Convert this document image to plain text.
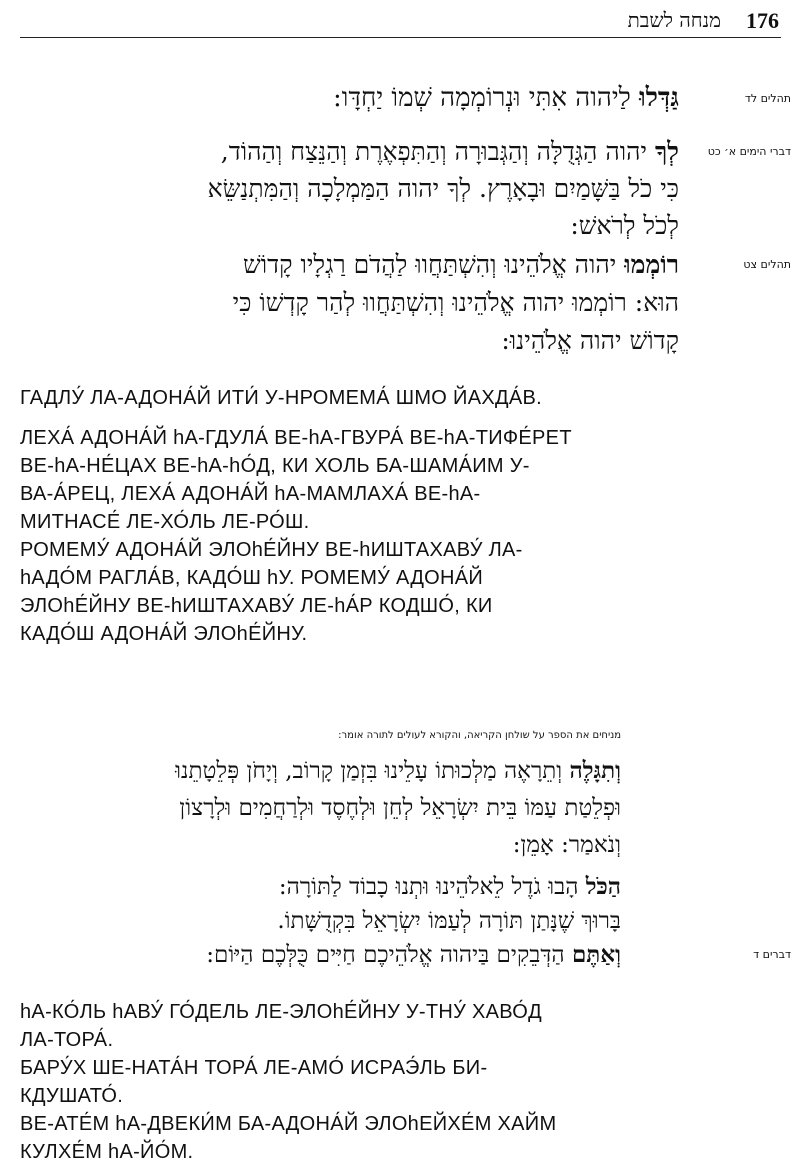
176
מנחה לשבת
תהלים לד
גַּדְּלוּ לַיהוה אִתִּי וּנְרוֹמְמָה שְׁמוֹ יַחְדָּו:
דברי הימים א׳ כט
לְךָ יהוה הַגְּדֻלָּה וְהַגְּבוּרָה וְהַתִּפְאֶרֶת וְהַנֵּצַח וְהַהוֹד,
כִּי כֹל בַּשָּׁמַיִם וּבָאָרֶץ. לְךָ יהוה הַמַּמְלָכָה וְהַמִּתְנַשֵּׂא
לְכֹל לְרֹאשׁ:
תהלים צט
רוֹמְמוּ יהוה אֱלֹהֵינוּ וְהִשְׁתַּחֲווּ לַהֲדֹם רַגְלָיו קָדוֹשׁ
הוּא: רוֹמְמוּ יהוה אֱלֹהֵינוּ וְהִשְׁתַּחֲווּ לְהַר קָדְשׁוֹ כִּי
קָדוֹשׁ יהוה אֱלֹהֵינוּ:
ГАДЛУ́ ЛА-АДОНА́Й ИТИ́ У-НРОМЕМА́ ШМО ЙАХДА́В.
ЛЕХА́ АДОНА́Й hА-ГДУЛА́ ВЕ-hА-ГВУРА́ ВЕ-hА-ТИФЕ́РЕТ
ВЕ-hА-НЕ́ЦАХ ВЕ-hА-hО́Д, КИ ХОЛЬ БА-ШАМА́ИМ У-
ВА-А́РЕЦ, ЛЕХА́ АДОНА́Й hА-МАМЛАХА́ ВЕ-hА-
МИТНАСЕ́ ЛЕ-ХО́ЛЬ ЛЕ-РО́Ш.
РОМЕМУ́ АДОНА́Й ЭЛОhЕ́ЙНУ ВЕ-hИШТАХАВУ́ ЛА-
hАДО́М РАГЛА́В, КАДО́Ш hУ. РОМЕМУ́ АДОНА́Й
ЭЛОhЕ́ЙНУ ВЕ-hИШТАХАВУ́ ЛЕ-hА́Р КОДШО́, КИ
КАДО́Ш АДОНА́Й ЭЛОhЕ́ЙНУ.
מניחים את הספר על שולחן הקריאה, והקורא לעולים לתורה אומר:
וְתִגָּלֶה וְתֵרָאֶה מַלְכוּתוֹ עָלֵינוּ בִּזְמַן קָרוֹב, וְיָחֹן פְּלֵטָתֵנוּ
וּפְלֵטַת עַמּוֹ בֵּית יִשְׂרָאֵל לְחֵן וּלְחֶסֶד וּלְרַחֲמִים וּלְרָצוֹן
וְנֹאמַר: אָמֵן:
הַכֹּל הָבוּ גֹדֶל לֵאלֹהֵינוּ וּתְנוּ כָבוֹד לַתּוֹרָה:
בָּרוּךְ שֶׁנָּתַן תּוֹרָה לְעַמּוֹ יִשְׂרָאֵל בִּקְדֻשָּׁתוֹ.
וְאַתֶּם הַדְּבֵקִים בַּיהוה אֱלֹהֵיכֶם חַיִּים כֻּלְּכֶם הַיּוֹם:	דברים ד
hА-КО́ЛЬ hАВУ́ ГО́ДЕЛЬ ЛЕ-ЭЛОhЕ́ЙНУ У-ТНУ́ ХАВО́Д
ЛА-ТОРА́.
БАРУ́Х ШЕ-НАТА́Н ТОРА́ ЛЕ-АМО́ ИСРАЭ́ЛЬ БИ-
КДУШАТО́.
ВЕ-АТЕ́М hА-ДВЕКИ́М БА-АДОНА́Й ЭЛОhЕЙХЕ́М ХАЙМ
КУЛХЕ́М hА-ЙО́М.
